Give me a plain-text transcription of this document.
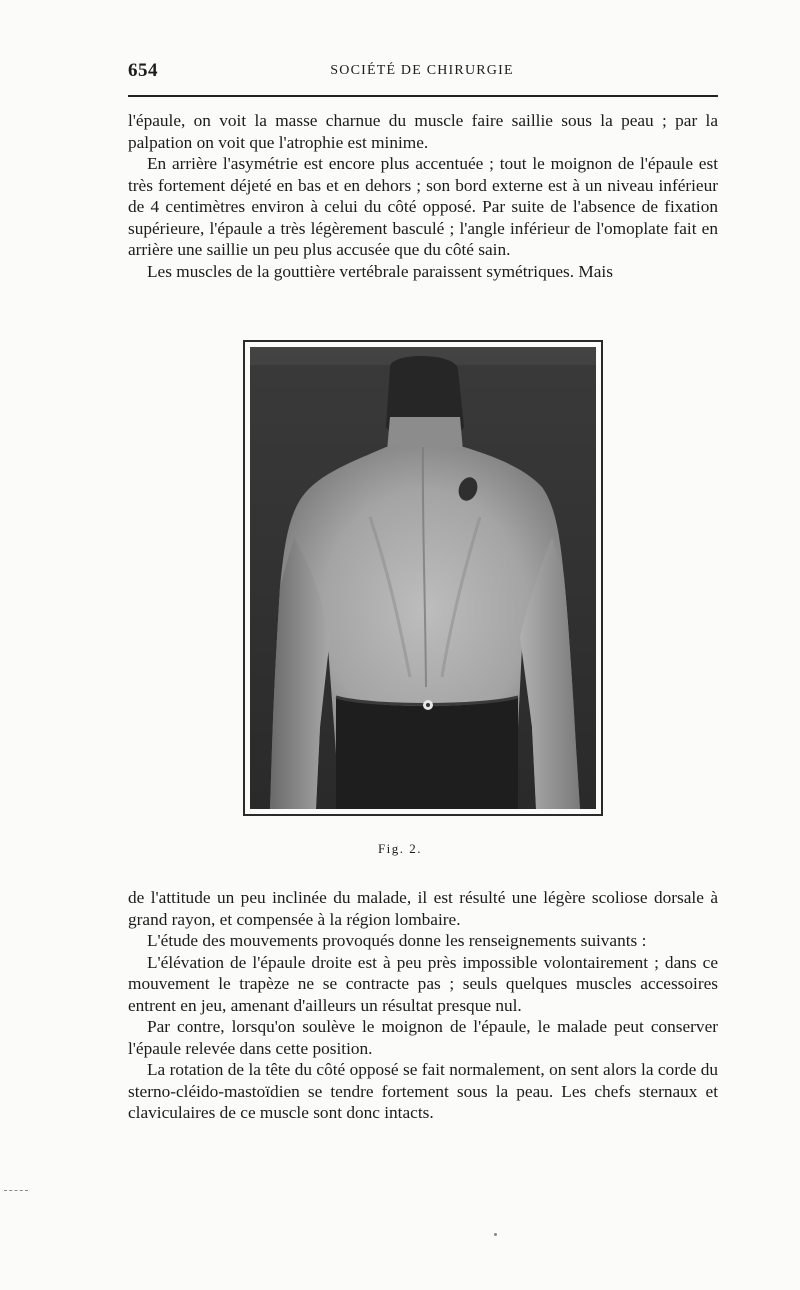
654	SOCIÉTÉ DE CHIRURGIE

l'épaule, on voit la masse charnue du muscle faire saillie sous la peau ; par la palpation on voit que l'atrophie est minime.

En arrière l'asymétrie est encore plus accentuée ; tout le moignon de l'épaule est très fortement déjeté en bas et en dehors ; son bord externe est à un niveau inférieur de 4 centimètres environ à celui du côté opposé. Par suite de l'absence de fixation supérieure, l'épaule a très légèrement basculé ; l'angle inférieur de l'omoplate fait en arrière une saillie un peu plus accusée que du côté sain.

Les muscles de la gouttière vertébrale paraissent symétriques. Mais

Fig. 2.

de l'attitude un peu inclinée du malade, il est résulté une légère scoliose dorsale à grand rayon, et compensée à la région lombaire.

L'étude des mouvements provoqués donne les renseignements suivants :

L'élévation de l'épaule droite est à peu près impossible volontairement ; dans ce mouvement le trapèze ne se contracte pas ; seuls quelques muscles accessoires entrent en jeu, amenant d'ailleurs un résultat presque nul.

Par contre, lorsqu'on soulève le moignon de l'épaule, le malade peut conserver l'épaule relevée dans cette position.

La rotation de la tête du côté opposé se fait normalement, on sent alors la corde du sterno-cléido-mastoïdien se tendre fortement sous la peau. Les chefs sternaux et claviculaires de ce muscle sont donc intacts.
